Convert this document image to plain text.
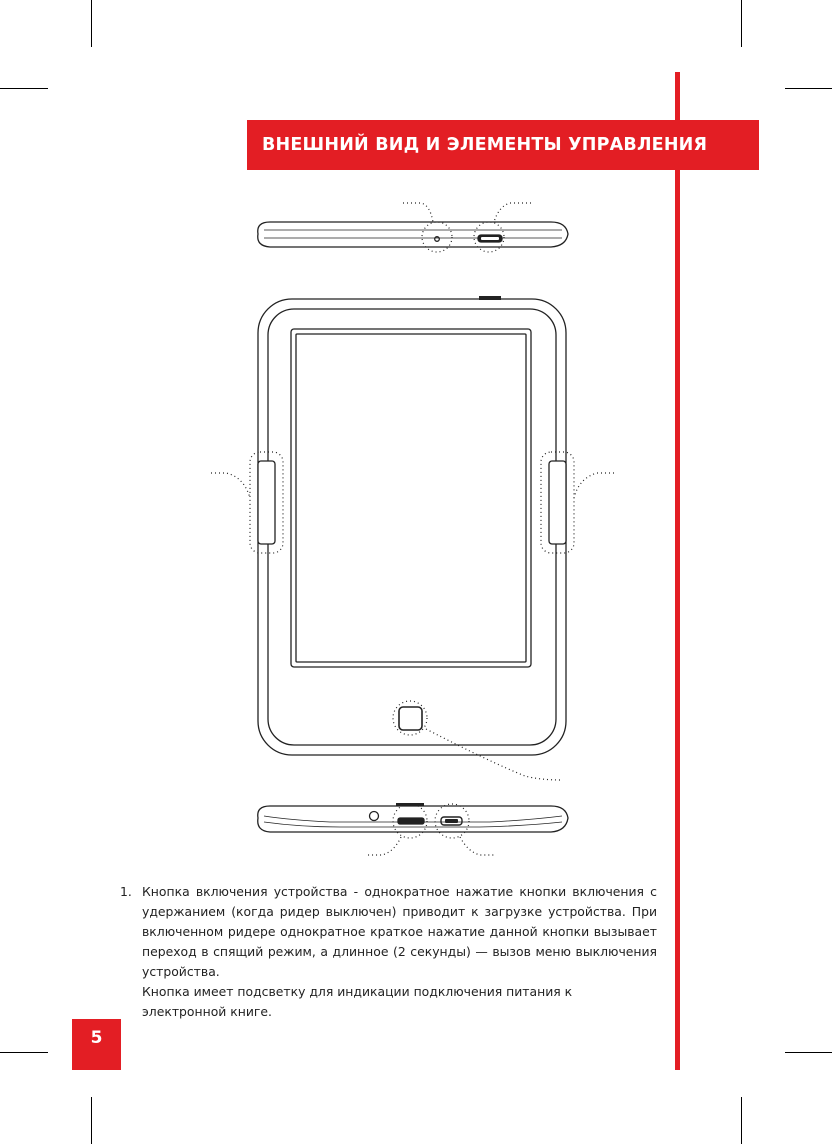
ВНЕШНИЙ ВИД И ЭЛЕМЕНТЫ УПРАВЛЕНИЯ
1. Кнопка включения устройства - однократное нажатие кнопки включения с удержанием (когда ридер выключен) приводит к загрузке устройства. При включенном ридере однократное краткое нажатие данной кнопки вызывает переход в спящий режим, а длинное (2 секунды) — вызов меню выключения устройства.
Кнопка имеет подсветку для индикации подключения питания к электронной книге.
5
